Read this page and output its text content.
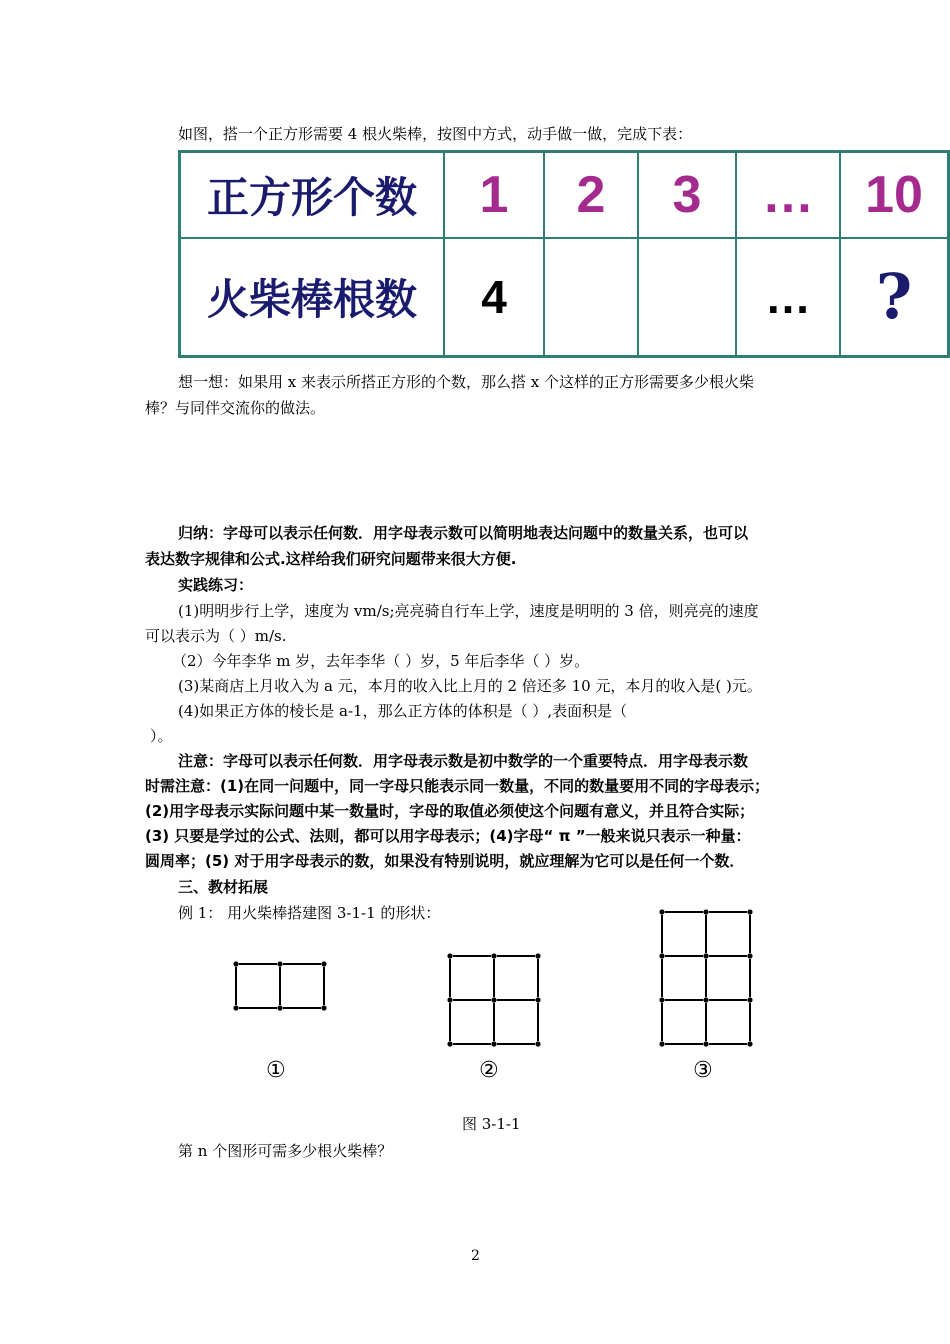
如图，搭一个正方形需要 4 根火柴棒，按图中方式，动手做一做，完成下表：
正方形个数	1	2	3	…	10
火柴棒根数	4			…	?
想一想：如果用 x 来表示所搭正方形的个数，那么搭 x 个这样的正方形需要多少根火柴
棒？与同伴交流你的做法。
归纳：字母可以表示任何数．用字母表示数可以简明地表达问题中的数量关系，也可以
表达数字规律和公式.这样给我们研究问题带来很大方便.
实践练习：
(1)明明步行上学，速度为 vm/s;亮亮骑自行车上学，速度是明明的 3 倍，则亮亮的速度
可以表示为（ ）m/s.
（2）今年李华 m 岁，去年李华（ ）岁，5 年后李华（ ）岁。
(3)某商店上月收入为 a 元，本月的收入比上月的 2 倍还多 10 元，本月的收入是( )元。
(4)如果正方体的棱长是 a-1，那么正方体的体积是（ ）,表面积是（
）。
注意：字母可以表示任何数．用字母表示数是初中数学的一个重要特点．用字母表示数
时需注意：(1)在同一问题中，同一字母只能表示同一数量，不同的数量要用不同的字母表示；
(2)用字母表示实际问题中某一数量时，字母的取值必须使这个问题有意义，并且符合实际；
(3) 只要是学过的公式、法则，都可以用字母表示；(4)字母“ π ”一般来说只表示一种量：
圆周率；(5) 对于用字母表示的数，如果没有特别说明，就应理解为它可以是任何一个数．
三、教材拓展
例 1： 用火柴棒搭建图 3-1-1 的形状：
①	②	③
图 3-1-1
第 n 个图形可需多少根火柴棒？
2
